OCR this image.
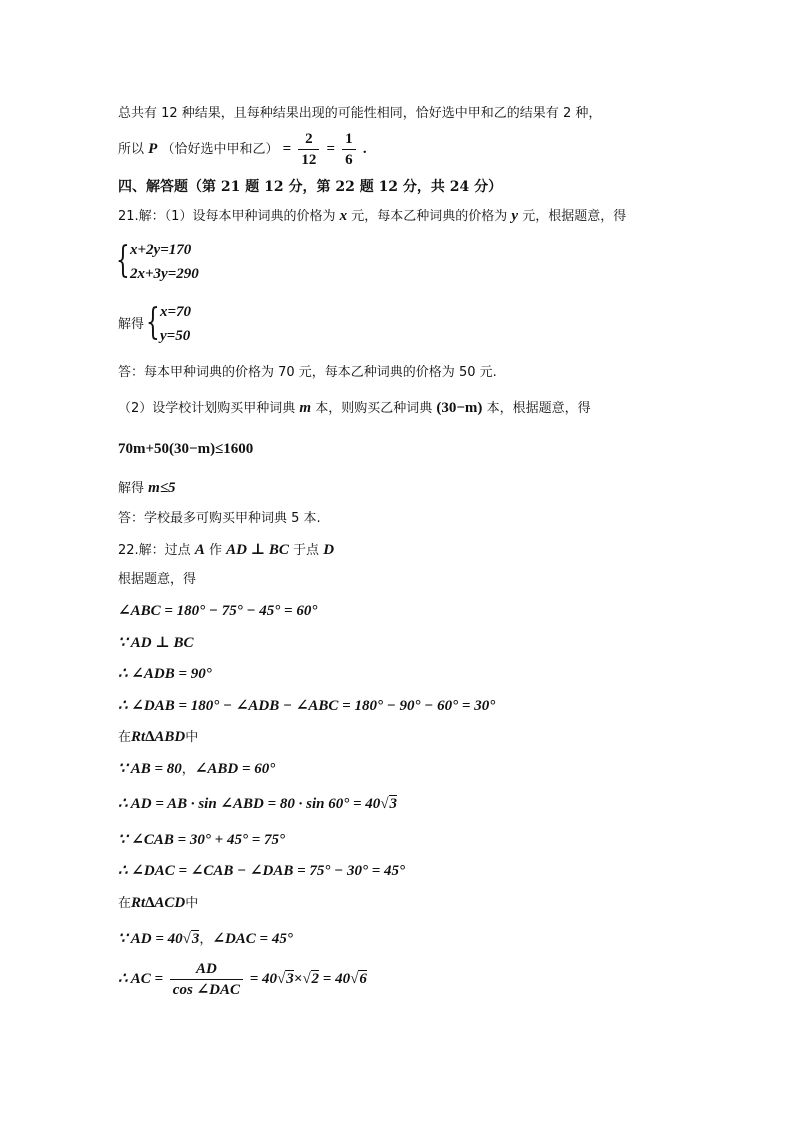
总共有 12 种结果，且每种结果出现的可能性相同，恰好选中甲和乙的结果有 2 种，
所以 P （恰好选中甲和乙） = $\frac{2}{12} = \frac{1}{6}$ .
四、解答题（第 21 题 12 分，第 22 题 12 分，共 24 分）
21.解：（1）设每本甲种词典的价格为 x 元，每本乙种词典的价格为 y 元，根据题意，得
{ x+2y=170
2x+3y=290
解得 { x=70
y=50
答：每本甲种词典的价格为 70 元，每本乙种词典的价格为 50 元.
（2）设学校计划购买甲种词典 m 本，则购买乙种词典 (30−m) 本，根据题意，得
70m+50(30−m)≤1600
解得 m≤5
答：学校最多可购买甲种词典 5 本.
22.解：过点 A 作 AD ⊥ BC 于点 D
根据题意，得
∠ABC = 180° − 75° − 45° = 60°
∵ AD ⊥ BC
∴ ∠ADB = 90°
∴ ∠DAB = 180° − ∠ADB − ∠ABC = 180° − 90° − 60° = 30°
在Rt∆ABD中
∵ AB = 80，∠ABD = 60°
∴ AD = AB · sin ∠ABD = 80 · sin 60° = 40√3
∵ ∠CAB = 30° + 45° = 75°
∴ ∠DAC = ∠CAB − ∠DAB = 75° − 30° = 45°
在Rt∆ACD中
∵ AD = 40√3，∠DAC = 45°
∴ AC = $\frac{AD}{\text{cos ∠DAC}} = 40√3\times√2 = 40√6$
